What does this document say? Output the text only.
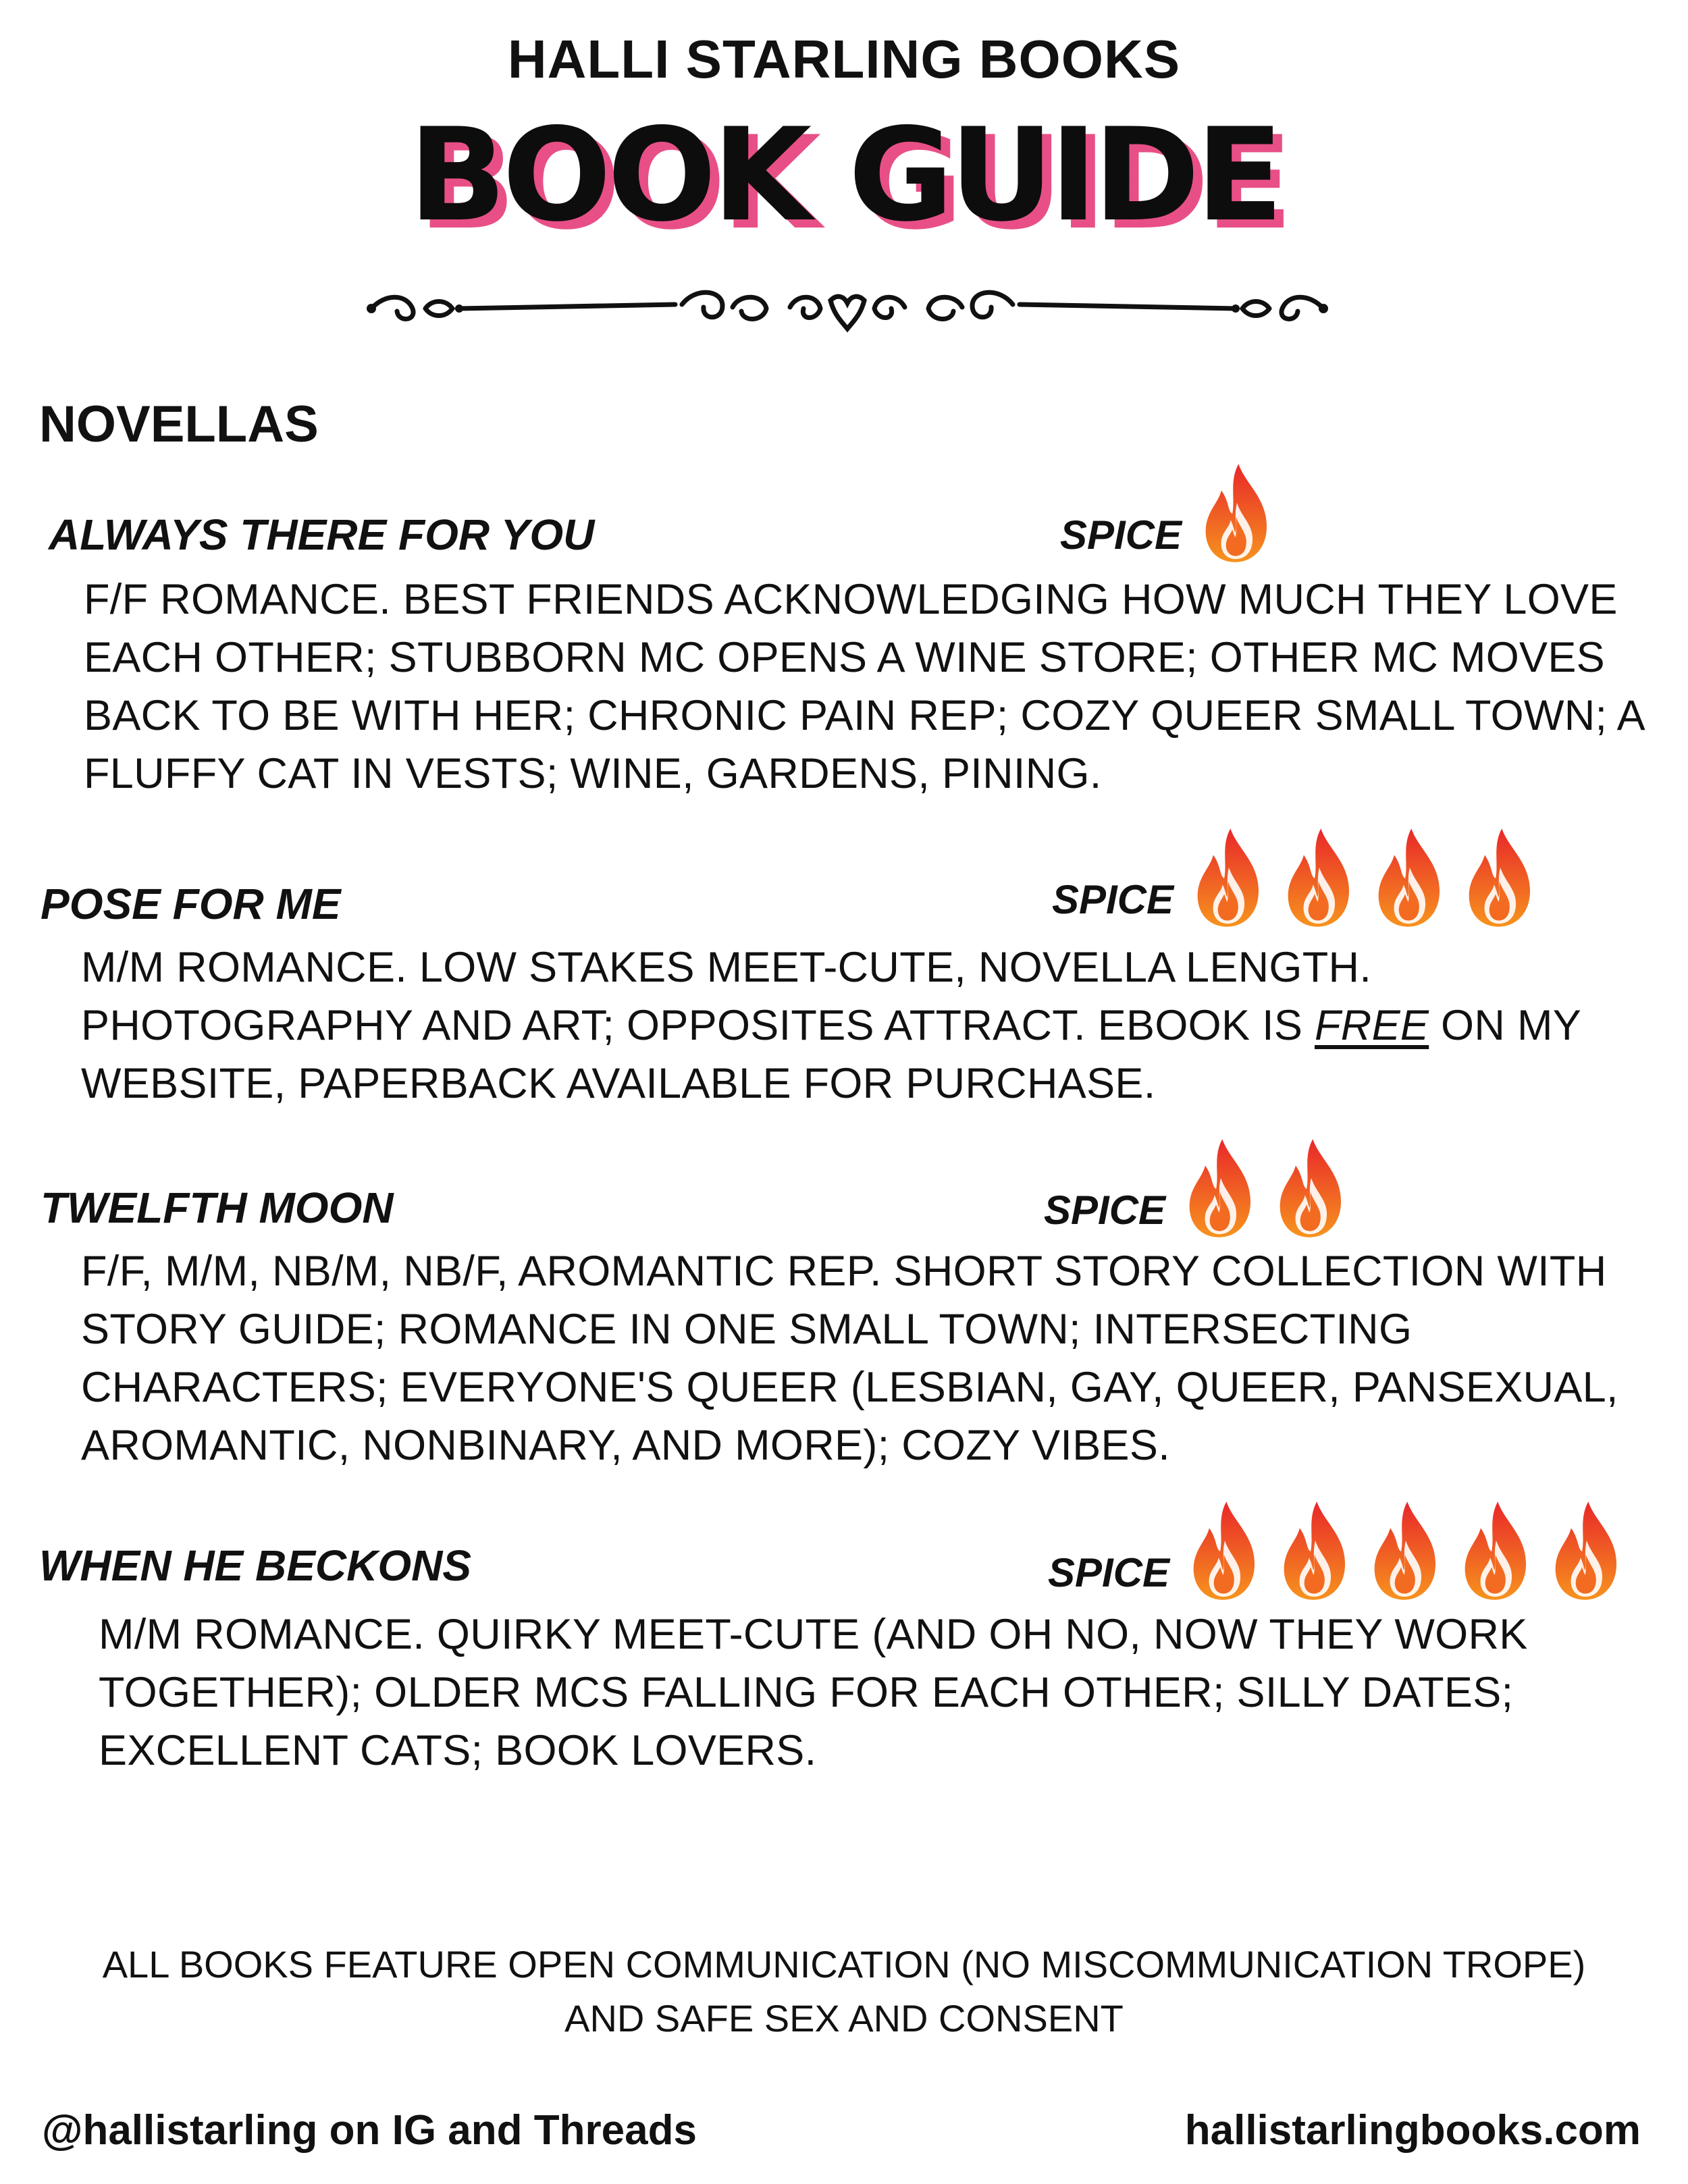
HALLI STARLING BOOKS
BOOK GUIDE
NOVELLAS
ALWAYS THERE FOR YOU	SPICE
F/F ROMANCE. BEST FRIENDS ACKNOWLEDGING HOW MUCH THEY LOVE
EACH OTHER; STUBBORN MC OPENS A WINE STORE; OTHER MC MOVES
BACK TO BE WITH HER; CHRONIC PAIN REP; COZY QUEER SMALL TOWN; A
FLUFFY CAT IN VESTS; WINE, GARDENS, PINING.
POSE FOR ME	SPICE
M/M ROMANCE. LOW STAKES MEET-CUTE, NOVELLA LENGTH.
PHOTOGRAPHY AND ART; OPPOSITES ATTRACT. EBOOK IS FREE ON MY
WEBSITE, PAPERBACK AVAILABLE FOR PURCHASE.
TWELFTH MOON	SPICE
F/F, M/M, NB/M, NB/F, AROMANTIC REP. SHORT STORY COLLECTION WITH
STORY GUIDE; ROMANCE IN ONE SMALL TOWN; INTERSECTING
CHARACTERS; EVERYONE'S QUEER (LESBIAN, GAY, QUEER, PANSEXUAL,
AROMANTIC, NONBINARY, AND MORE); COZY VIBES.
WHEN HE BECKONS	SPICE
M/M ROMANCE. QUIRKY MEET-CUTE (AND OH NO, NOW THEY WORK
TOGETHER); OLDER MCS FALLING FOR EACH OTHER; SILLY DATES;
EXCELLENT CATS; BOOK LOVERS.
ALL BOOKS FEATURE OPEN COMMUNICATION (NO MISCOMMUNICATION TROPE)
AND SAFE SEX AND CONSENT
@hallistarling on IG and Threads	hallistarlingbooks.com
